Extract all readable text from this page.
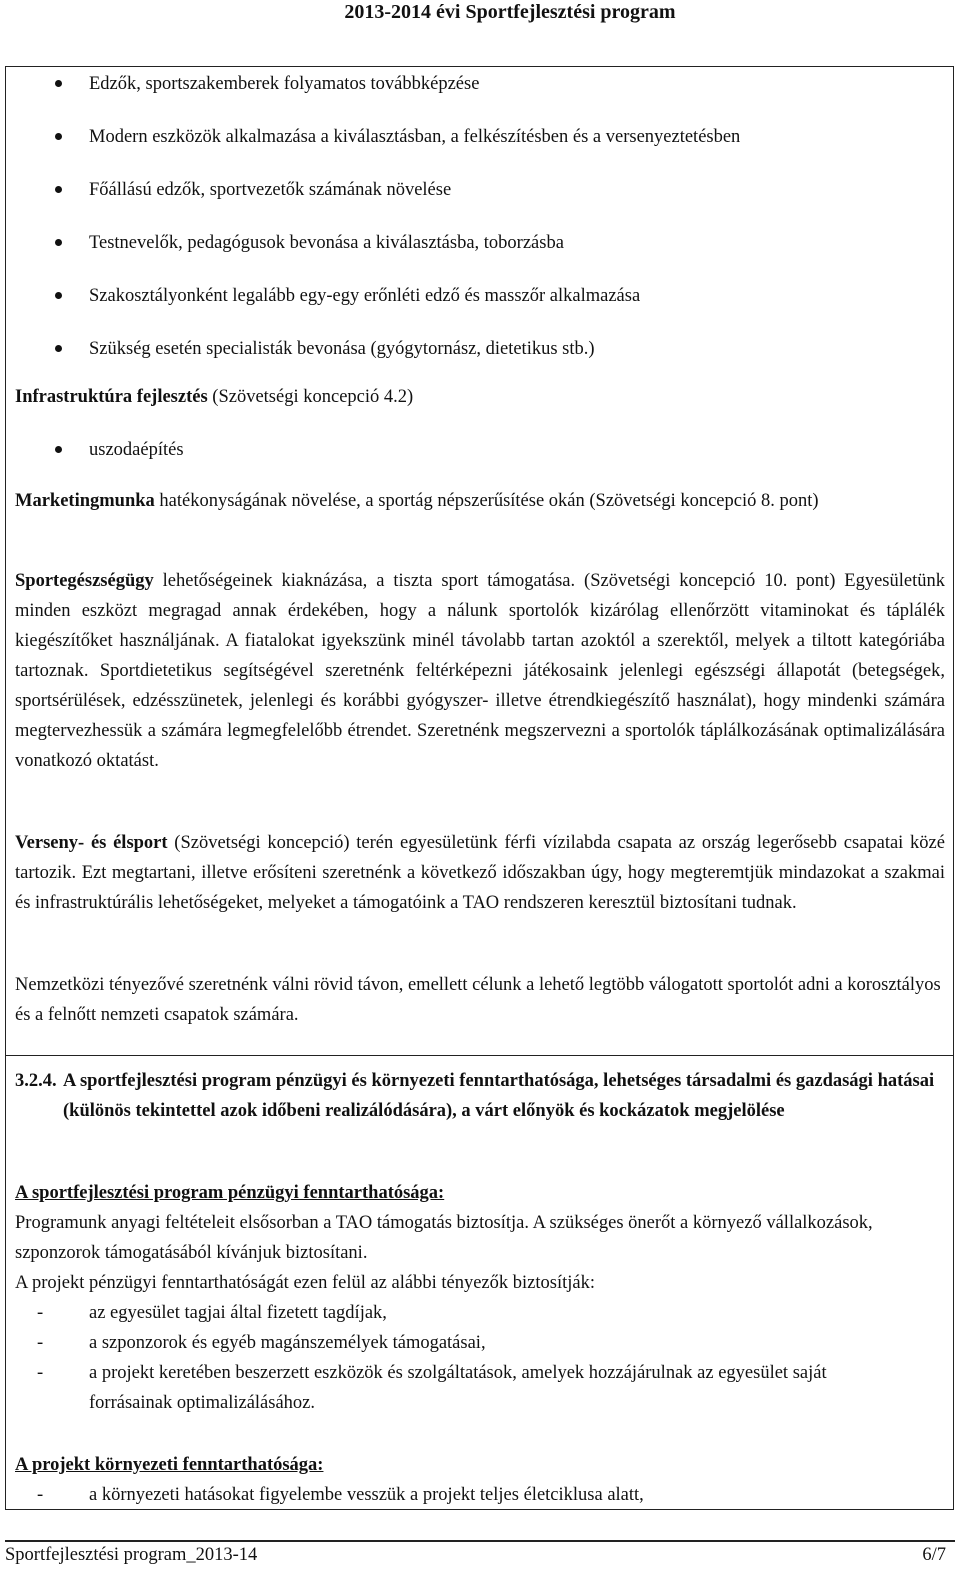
2013-2014 évi Sportfejlesztési program
Edzők, sportszakemberek folyamatos továbbképzése
Modern eszközök alkalmazása a kiválasztásban, a felkészítésben és a versenyeztetésben
Főállású edzők, sportvezetők számának növelése
Testnevelők, pedagógusok bevonása a kiválasztásba, toborzásba
Szakosztályonként legalább egy-egy erőnléti edző és masszőr alkalmazása
Szükség esetén specialisták bevonása (gyógytornász, dietetikus stb.)

Infrastruktúra fejlesztés (Szövetségi koncepció 4.2)

uszodaépítés

Marketingmunka hatékonyságának növelése, a sportág népszerűsítése okán (Szövetségi koncepció 8. pont)

Sportegészségügy lehetőségeinek kiaknázása, a tiszta sport támogatása. (Szövetségi koncepció 10. pont) Egyesületünk minden eszközt megragad annak érdekében, hogy a nálunk sportolók kizárólag ellenőrzött vitaminokat és táplálék kiegészítőket használjának. A fiatalokat igyekszünk minél távolabb tartan azoktól a szerektől, melyek a tiltott kategóriába tartoznak. Sportdietetikus segítségével szeretnénk feltérképezni játékosaink jelenlegi egészségi állapotát (betegségek, sportsérülések, edzésszünetek, jelenlegi és korábbi gyógyszer- illetve étrendkiegészítő használat), hogy mindenki számára megtervezhessük a számára legmegfelelőbb étrendet. Szeretnénk megszervezni a sportolók táplálkozásának optimalizálására vonatkozó oktatást.

Verseny- és élsport (Szövetségi koncepció) terén egyesületünk férfi vízilabda csapata az ország legerősebb csapatai közé tartozik. Ezt megtartani, illetve erősíteni szeretnénk a következő időszakban úgy, hogy megteremtjük mindazokat a szakmai és infrastruktúrális lehetőségeket, melyeket a támogatóink a TAO rendszeren keresztül biztosítani tudnak.

Nemzetközi tényezővé szeretnénk válni rövid távon, emellett célunk a lehető legtöbb válogatott sportolót adni a korosztályos és a felnőtt nemzeti csapatok számára.

3.2.4. A sportfejlesztési program pénzügyi és környezeti fenntarthatósága, lehetséges társadalmi és gazdasági hatásai (különös tekintettel azok időbeni realizálódására), a várt előnyök és kockázatok megjelölése

A sportfejlesztési program pénzügyi fenntarthatósága:

Programunk anyagi feltételeit elsősorban a TAO támogatás biztosítja. A szükséges önerőt a környező vállalkozások, szponzorok támogatásából kívánjuk biztosítani.

A projekt pénzügyi fenntarthatóságát ezen felül az alábbi tényezők biztosítják:

- az egyesület tagjai által fizetett tagdíjak,
- a szponzorok és egyéb magánszemélyek támogatásai,
- a projekt keretében beszerzett eszközök és szolgáltatások, amelyek hozzájárulnak az egyesület saját forrásainak optimalizálásához.

A projekt környezeti fenntarthatósága:

- a környezeti hatásokat figyelembe vesszük a projekt teljes életciklusa alatt,
Sportfejlesztési program_2013-14	6/7
